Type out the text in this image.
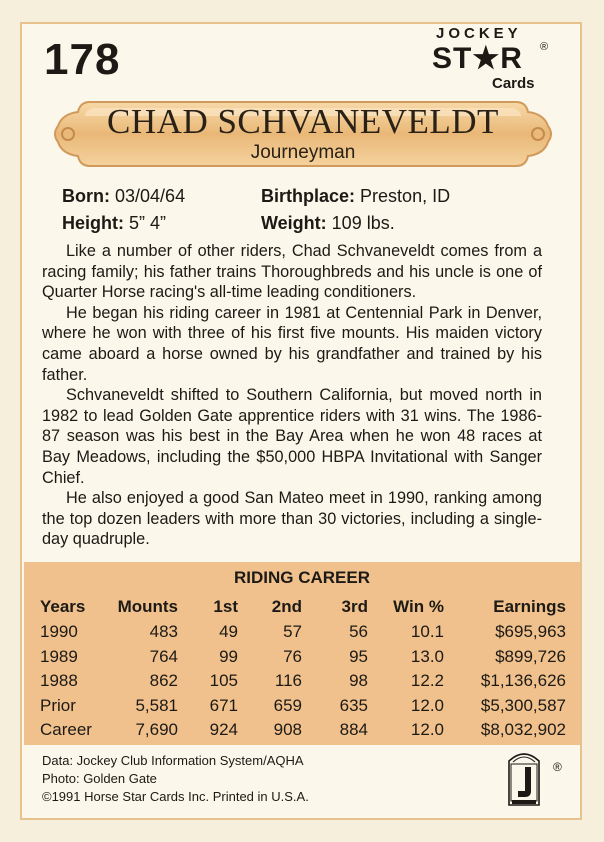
178
JOCKEY
ST★R ®
Cards
CHAD SCHVANEVELDT
Journeyman
Born: 03/04/64	Birthplace: Preston, ID
Height: 5” 4”	Weight: 109 lbs.

Like a number of other riders, Chad Schvaneveldt comes from a racing family; his father trains Thoroughbreds and his uncle is one of Quarter Horse racing's all-time leading conditioners.

He began his riding career in 1981 at Centennial Park in Denver, where he won with three of his first five mounts. His maiden victory came aboard a horse owned by his grandfather and trained by his father.

Schvaneveldt shifted to Southern California, but moved north in 1982 to lead Golden Gate apprentice riders with 31 wins. The 1986-87 season was his best in the Bay Area when he won 48 races at Bay Meadows, including the $50,000 HBPA Invitational with Sanger Chief.

He also enjoyed a good San Mateo meet in 1990, ranking among the top dozen leaders with more than 30 victories, including a single-day quadruple.

RIDING CAREER
Years	Mounts	1st	2nd	3rd	Win %	Earnings
1990	483	49	57	56	10.1	$695,963
1989	764	99	76	95	13.0	$899,726
1988	862	105	116	98	12.2	$1,136,626
Prior	5,581	671	659	635	12.0	$5,300,587
Career	7,690	924	908	884	12.0	$8,032,902
Data: Jockey Club Information System/AQHA
Photo: Golden Gate
©1991 Horse Star Cards Inc. Printed in U.S.A.
®
